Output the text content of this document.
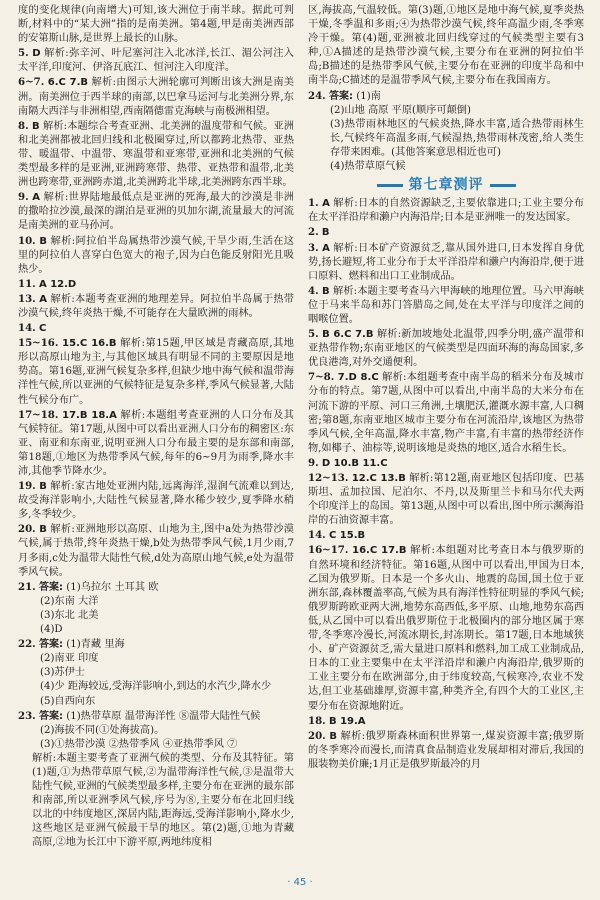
度的变化规律(向南增大)可知,该大洲位于南半球。据此可判断,材料中的“某大洲”指的是南美洲。第4题,甲是南美洲西部的安第斯山脉,是世界上最长的山脉。

5. D 解析:弥辛河、叶尼塞河注入北冰洋,长江、湄公河注入太平洋,印度河、伊洛瓦底江、恒河注入印度洋。

6~7. 6.C 7.B 解析:由图示大洲轮廓可判断出该大洲是南美洲。南美洲位于西半球的南部,以巴拿马运河与北美洲分界,东南隔大西洋与非洲相望,西南隔德雷克海峡与南极洲相望。

8. B 解析:本题综合考查亚洲、北美洲的温度带和气候。亚洲和北美洲都被北回归线和北极圈穿过,所以都跨北热带、亚热带、暖温带、中温带、寒温带和亚寒带,亚洲和北美洲的气候类型最多样的是亚洲,亚洲跨寒带、热带、亚热带和温带,北美洲也跨寒带,亚洲跨赤道,北美洲跨北半球,北美洲跨东西半球。

9. A 解析:世界陆地最低点是亚洲的死海,最大的沙漠是非洲的撒哈拉沙漠,最深的湖泊是亚洲的贝加尔湖,流量最大的河流是南美洲的亚马孙河。

10. B 解析:阿拉伯半岛属热带沙漠气候,干旱少雨,生活在这里的阿拉伯人喜穿白色宽大的袍子,因为白色能反射阳光且吸热少。

11. A 12.D

13. A 解析:本题考查亚洲的地理差异。阿拉伯半岛属于热带沙漠气候,终年炎热干燥,不可能存在大量欧洲的雨林。

14. C

15~16. 15.C 16.B 解析:第15题,甲区域是青藏高原,其地形以高原山地为主,与其他区域具有明显不同的主要原因是地势高。第16题,亚洲气候复杂多样,但缺少地中海气候和温带海洋性气候,所以亚洲的气候特征是复杂多样,季风气候显著,大陆性气候分布广。

17~18. 17.B 18.A 解析:本题组考查亚洲的人口分布及其气候特征。第17题,从图中可以看出亚洲人口分布的稠密区:东亚、南亚和东南亚,说明亚洲人口分布最主要的是东部和南部,第18题,①地区为热带季风气候,每年的6~9月为雨季,降水丰沛,其他季节降水少。

19. B 解析:家古地处亚洲内陆,远离海洋,湿润气流难以到达,故受海洋影响小,大陆性气候显著,降水稀少较少,夏季降水稍多,冬季较少。

20. B 解析:亚洲地形以高原、山地为主,图中a处为热带沙漠气候,属于热带,终年炎热干燥,b处为热带季风气候,1月少雨,7月多雨,c处为温带大陆性气候,d处为高原山地气候,e处为温带季风气候。

21. 答案: (1)乌拉尔 土耳其 欧

(2)东南 大洋

(3)东北 北美

(4)D

22. 答案: (1)青藏 里海

(2)南亚 印度

(3)苏伊士

(4)少 距海较远,受海洋影响小,到达的水汽少,降水少

(5)自西向东

23. 答案: (1)热带草原 温带海洋性 ⑧温带大陆性气候

(2)海拔不同(①处海拔高)。

(3)①热带沙漠 ②热带季风 ④亚热带季风 ⑦

解析:本题主要考查了亚洲气候的类型、分布及其特征。第(1)题,①为热带草原气候,②为温带海洋性气候,③是温带大陆性气候,亚洲的气候类型最多样,主要分布在亚洲的最东部和南部,所以亚洲季风气候,序号为⑧,主要分布在北回归线以北的中纬度地区,深居内陆,距海远,受海洋影响小,降水少,这些地区是亚洲气候最干旱的地区。第(2)题,①地为青藏高原,②地为长江中下游平原,两地纬度相

区,海拔高,气温较低。第(3)题,①地区是地中海气候,夏季炎热干燥,冬季温和多雨;④为热带沙漠气候,终年高温少雨,冬季寒冷干燥。第(4)题,亚洲被北回归线穿过的气候类型主要有3种,①A描述的是热带沙漠气候,主要分布在亚洲的阿拉伯半岛;B描述的是热带季风气候,主要分布在亚洲的印度半岛和中南半岛;C描述的是温带季风气候,主要分布在我国南方。

24. 答案: (1)南

(2)山地 高原 平原(顺序可颠倒)

(3)热带雨林地区的气候炎热,降水丰富,适合热带雨林生长,气候终年高温多雨,气候湿热,热带雨林茂密,给人类生存带来困难。(其他答案意思相近也可)

(4)热带草原气候

第七章测评

1. A 解析:日本的自然资源缺乏,主要依靠进口;工业主要分布在太平洋沿岸和濑户内海沿岸;日本是亚洲唯一的发达国家。

2. B

3. A 解析:日本矿产资源贫乏,靠从国外进口,日本发挥自身优势,扬长避短,将工业分布于太平洋沿岸和濑户内海沿岸,便于进口原料、燃料和出口工业制成品。

4. B 解析:本题主要考查马六甲海峡的地理位置。马六甲海峡位于马来半岛和苏门答腊岛之间,处在太平洋与印度洋之间的咽喉位置。

5. B 6.C 7.B 解析:新加坡地处北温带,四季分明,盛产温带和亚热带作物;东南亚地区的气候类型是四面环海的海岛国家,多优良港湾,对外交通便利。

7~8. 7.D 8.C 解析:本组题考查中南半岛的稻米分布及城市分布的特点。第7题,从图中可以看出,中南半岛的大米分布在河流下游的平原、河口三角洲,土壤肥沃,灌溉水源丰富,人口稠密;第8题,东南亚地区城市主要分布在河流沿岸,该地区为热带季风气候,全年高温,降水丰富,物产丰富,有丰富的热带经济作物,如椰子、油棕等,说明该地是炎热的地区,适合水稻生长。

9. D 10.B 11.C

12~13. 12.C 13.B 解析:第12题,南亚地区包括印度、巴基斯坦、孟加拉国、尼泊尔、不丹,以及斯里兰卡和马尔代夫两个印度洋上的岛国。第13题,从图中可以看出,图中所示濒海沿岸的石油资源丰富。

14. C 15.B

16~17. 16.C 17.B 解析:本组题对比考查日本与俄罗斯的自然环境和经济特征。第16题,从图中可以看出,甲国为日本,乙国为俄罗斯。日本是一个多火山、地震的岛国,国土位于亚洲东部,森林覆盖率高,气候为具有海洋性特征明显的季风气候;俄罗斯跨欧亚两大洲,地势东高西低,多平原、山地,地势东高西低,从乙国中可以看出俄罗斯位于北极圈内的部分地区属于寒带,冬季寒冷漫长,河流冰期长,封冻期长。第17题,日本地域狭小、矿产资源贫乏,需大量进口原料和燃料,加工成工业制成品,日本的工业主要集中在太平洋沿岸和濑户内海沿岸,俄罗斯的工业主要分布在欧洲部分,由于纬度较高,气候寒冷,农业不发达,但工业基础雄厚,资源丰富,种类齐全,有四个大的工业区,主要分布在资源地附近。

18. B 19.A

20. B 解析:俄罗斯森林面积世界第一,煤炭资源丰富;俄罗斯的冬季寒冷而漫长,而清真食品制造业发展却相对滞后,我国的服装物美价廉;1月正是俄罗斯最冷的月

· 45 ·
